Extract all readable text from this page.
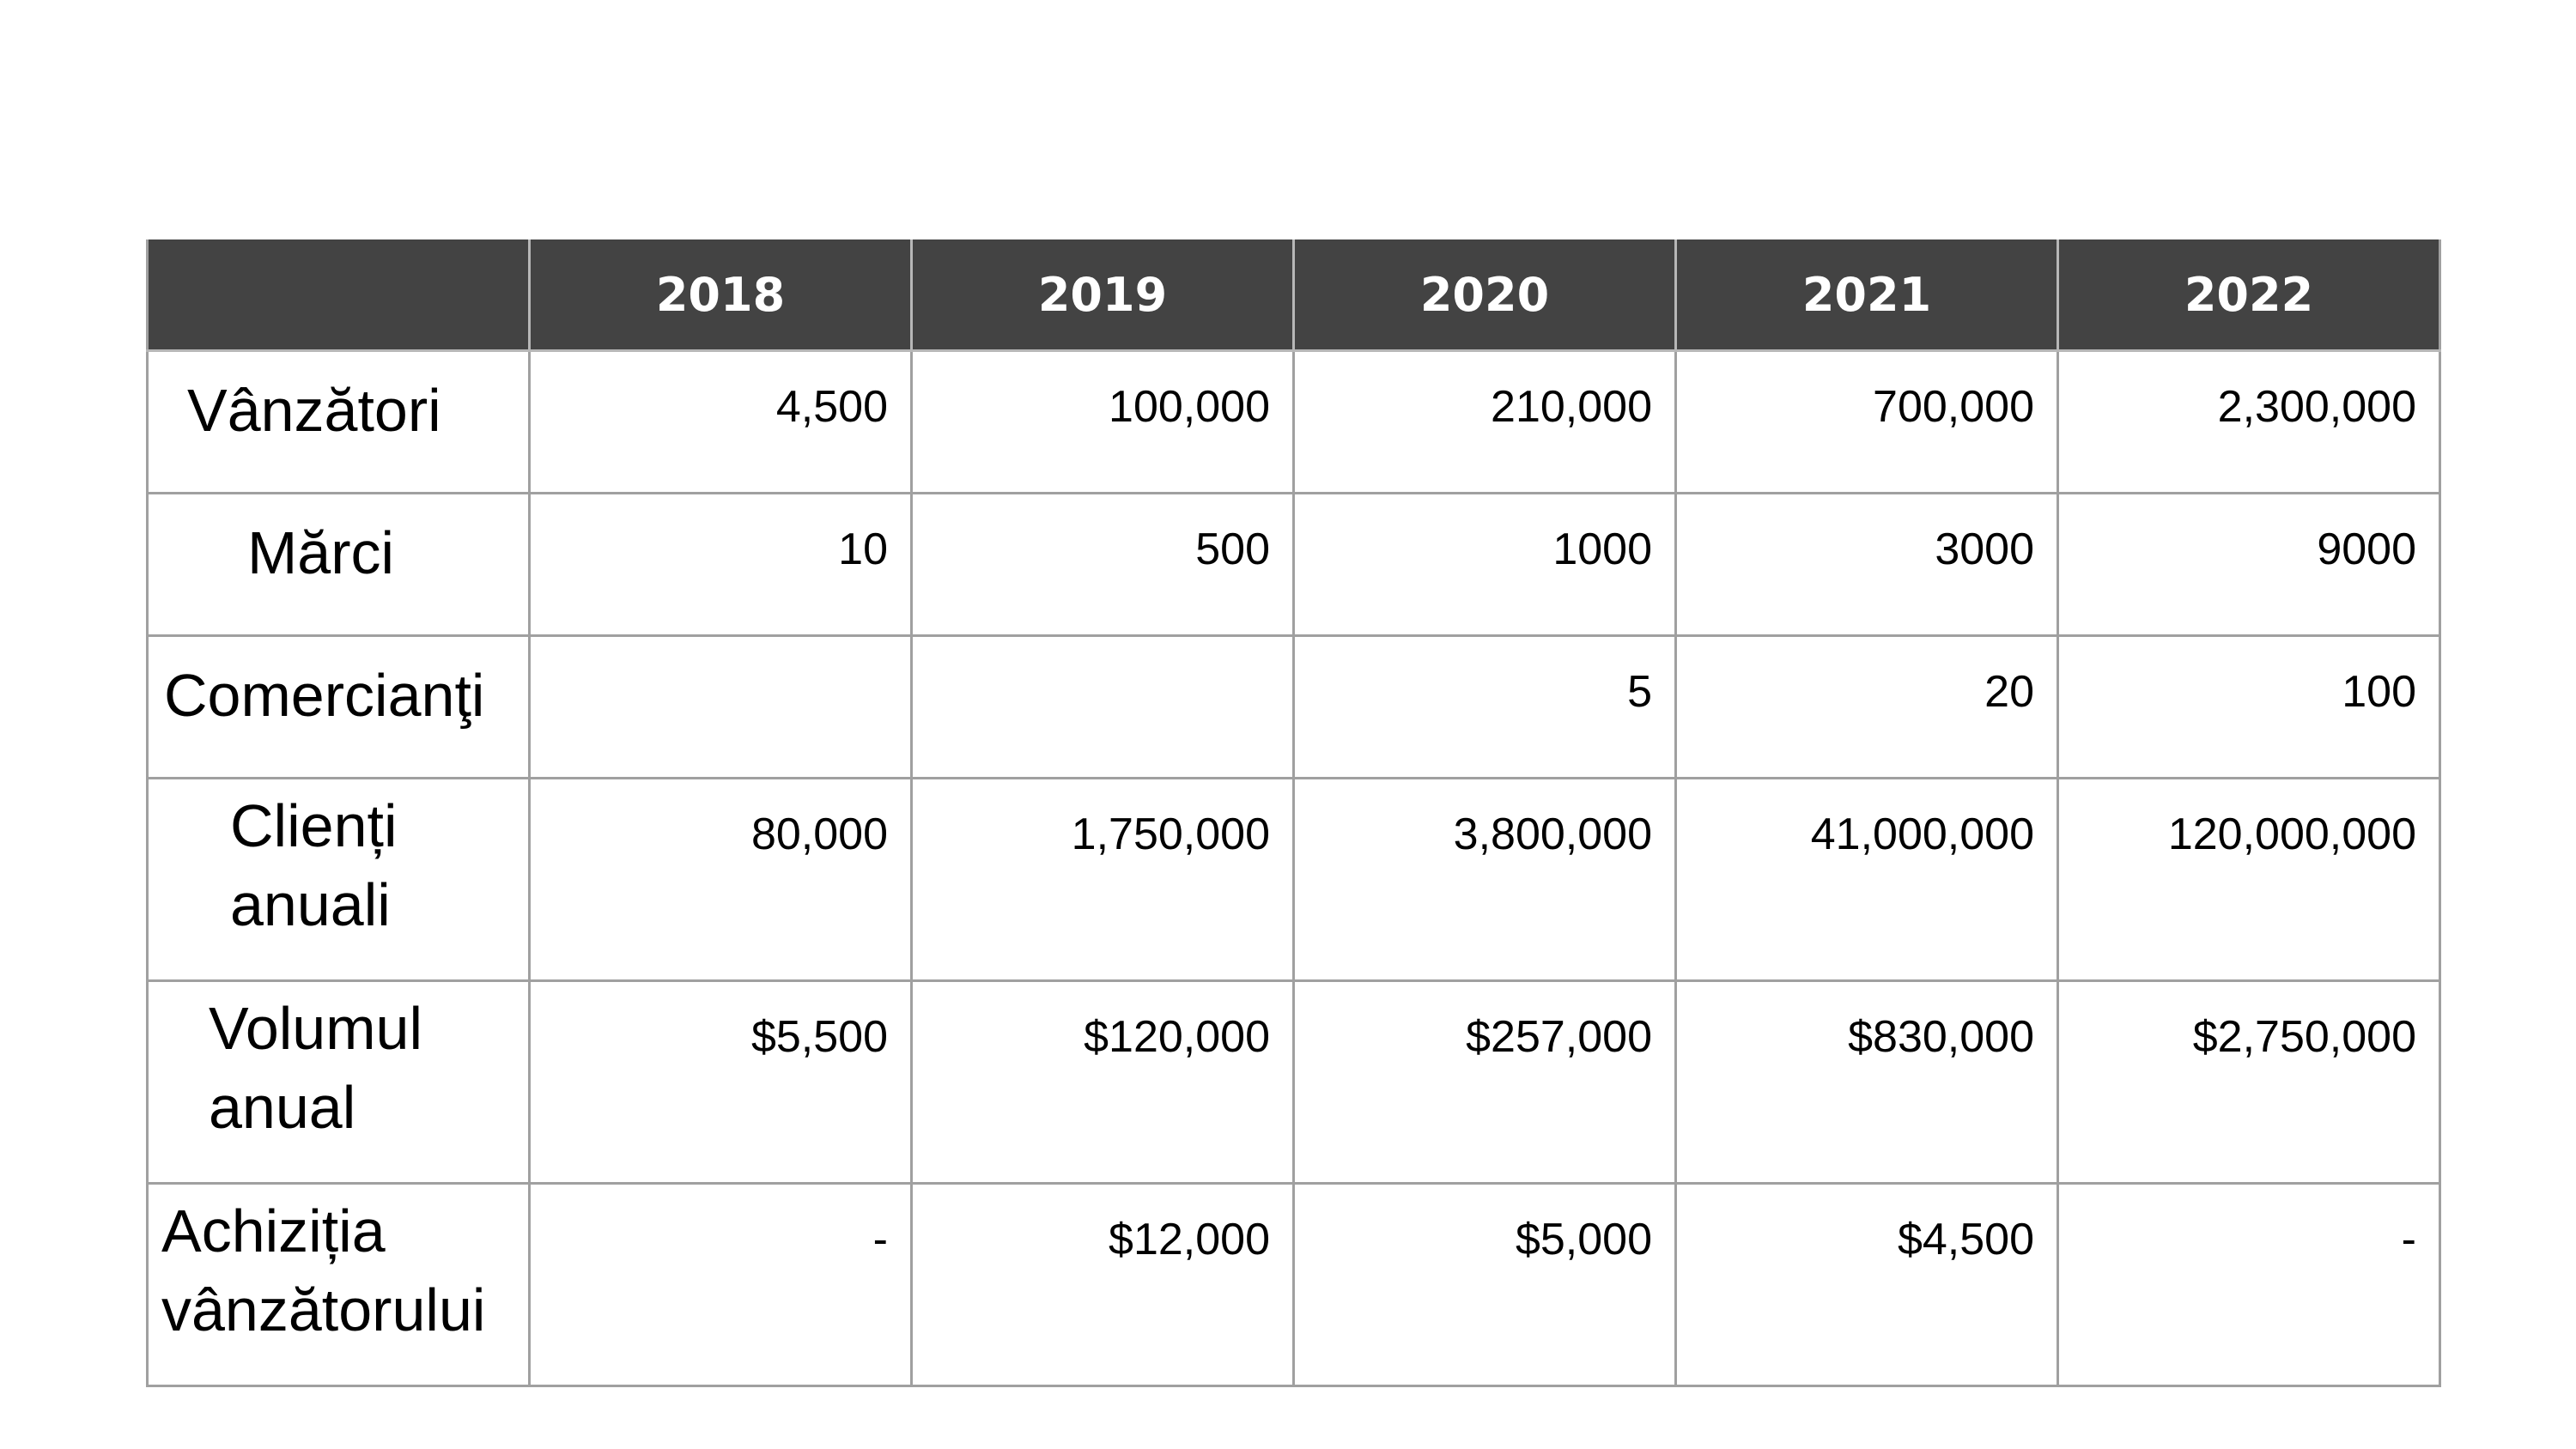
	2018	2019	2020	2021	2022
Vânzători	4,500	100,000	210,000	700,000	2,300,000
Mărci	10	500	1000	3000	9000
Comercianţi			5	20	100

Clienți
anuali	80,000	1,750,000	3,800,000	41,000,000	120,000,000

Volumul
anual	$5,500	$120,000	$257,000	$830,000	$2,750,000

Achiziția
vânzătorului	-	$12,000	$5,000	$4,500	-
